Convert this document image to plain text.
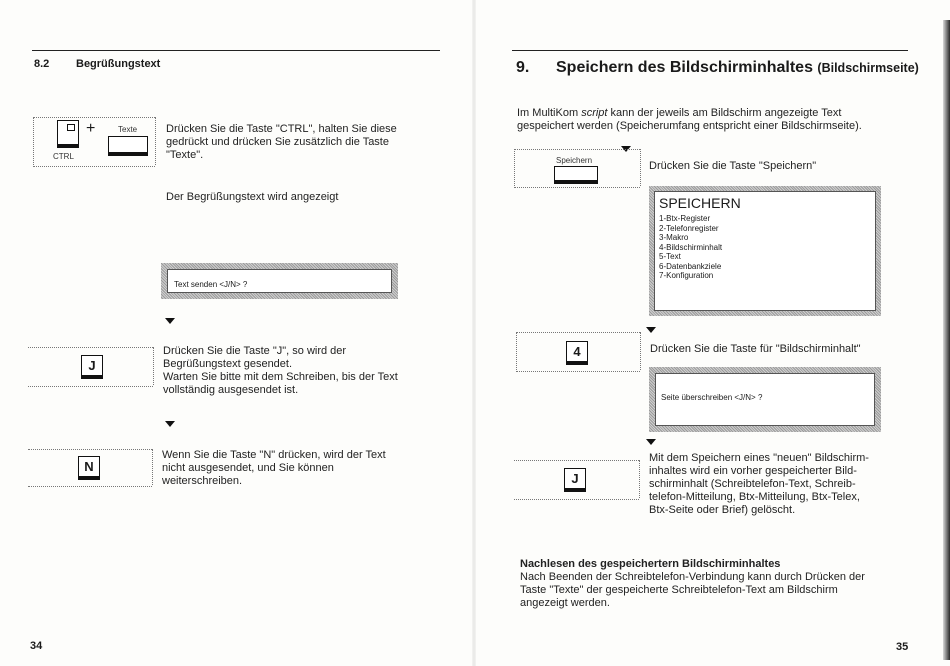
8.2 Begrüßungstext
CTRL
+	Texte	Drücken Sie die Taste "CTRL", halten Sie diese
gedrückt und drücken Sie zusätzlich die Taste
"Texte".
Der Begrüßungstext wird angezeigt
Text senden <J/N> ?
J
Drücken Sie die Taste "J", so wird der
Begrüßungstext gesendet.
Warten Sie bitte mit dem Schreiben, bis der Text
vollständig ausgesendet ist.
N
Wenn Sie die Taste "N" drücken, wird der Text
nicht ausgesendet, und Sie können
weiterschreiben.
34
9. Speichern des Bildschirminhaltes (Bildschirmseite)
Im MultiKom script kann der jeweils am Bildschirm angezeigte Text
gespeichert werden (Speicherumfang entspricht einer Bildschirmseite).
Speichern	Drücken Sie die Taste "Speichern"
SPEICHERN
1-Btx-Register
2-Telefonregister
3-Makro
4-Bildschirminhalt
5-Text
6-Datenbankziele
7-Konfiguration
4	Drücken Sie die Taste für "Bildschirminhalt"
Seite überschreiben <J/N> ?
J
Mit dem Speichern eines "neuen" Bildschirm-
inhaltes wird ein vorher gespeicherter Bild-
schirminhalt (Schreibtelefon-Text, Schreib-
telefon-Mitteilung, Btx-Mitteilung, Btx-Telex,
Btx-Seite oder Brief) gelöscht.
Nachlesen des gespeichertern Bildschirminhaltes
Nach Beenden der Schreibtelefon-Verbindung kann durch Drücken der
Taste "Texte" der gespeicherte Schreibtelefon-Text am Bildschirm
angezeigt werden.
35
